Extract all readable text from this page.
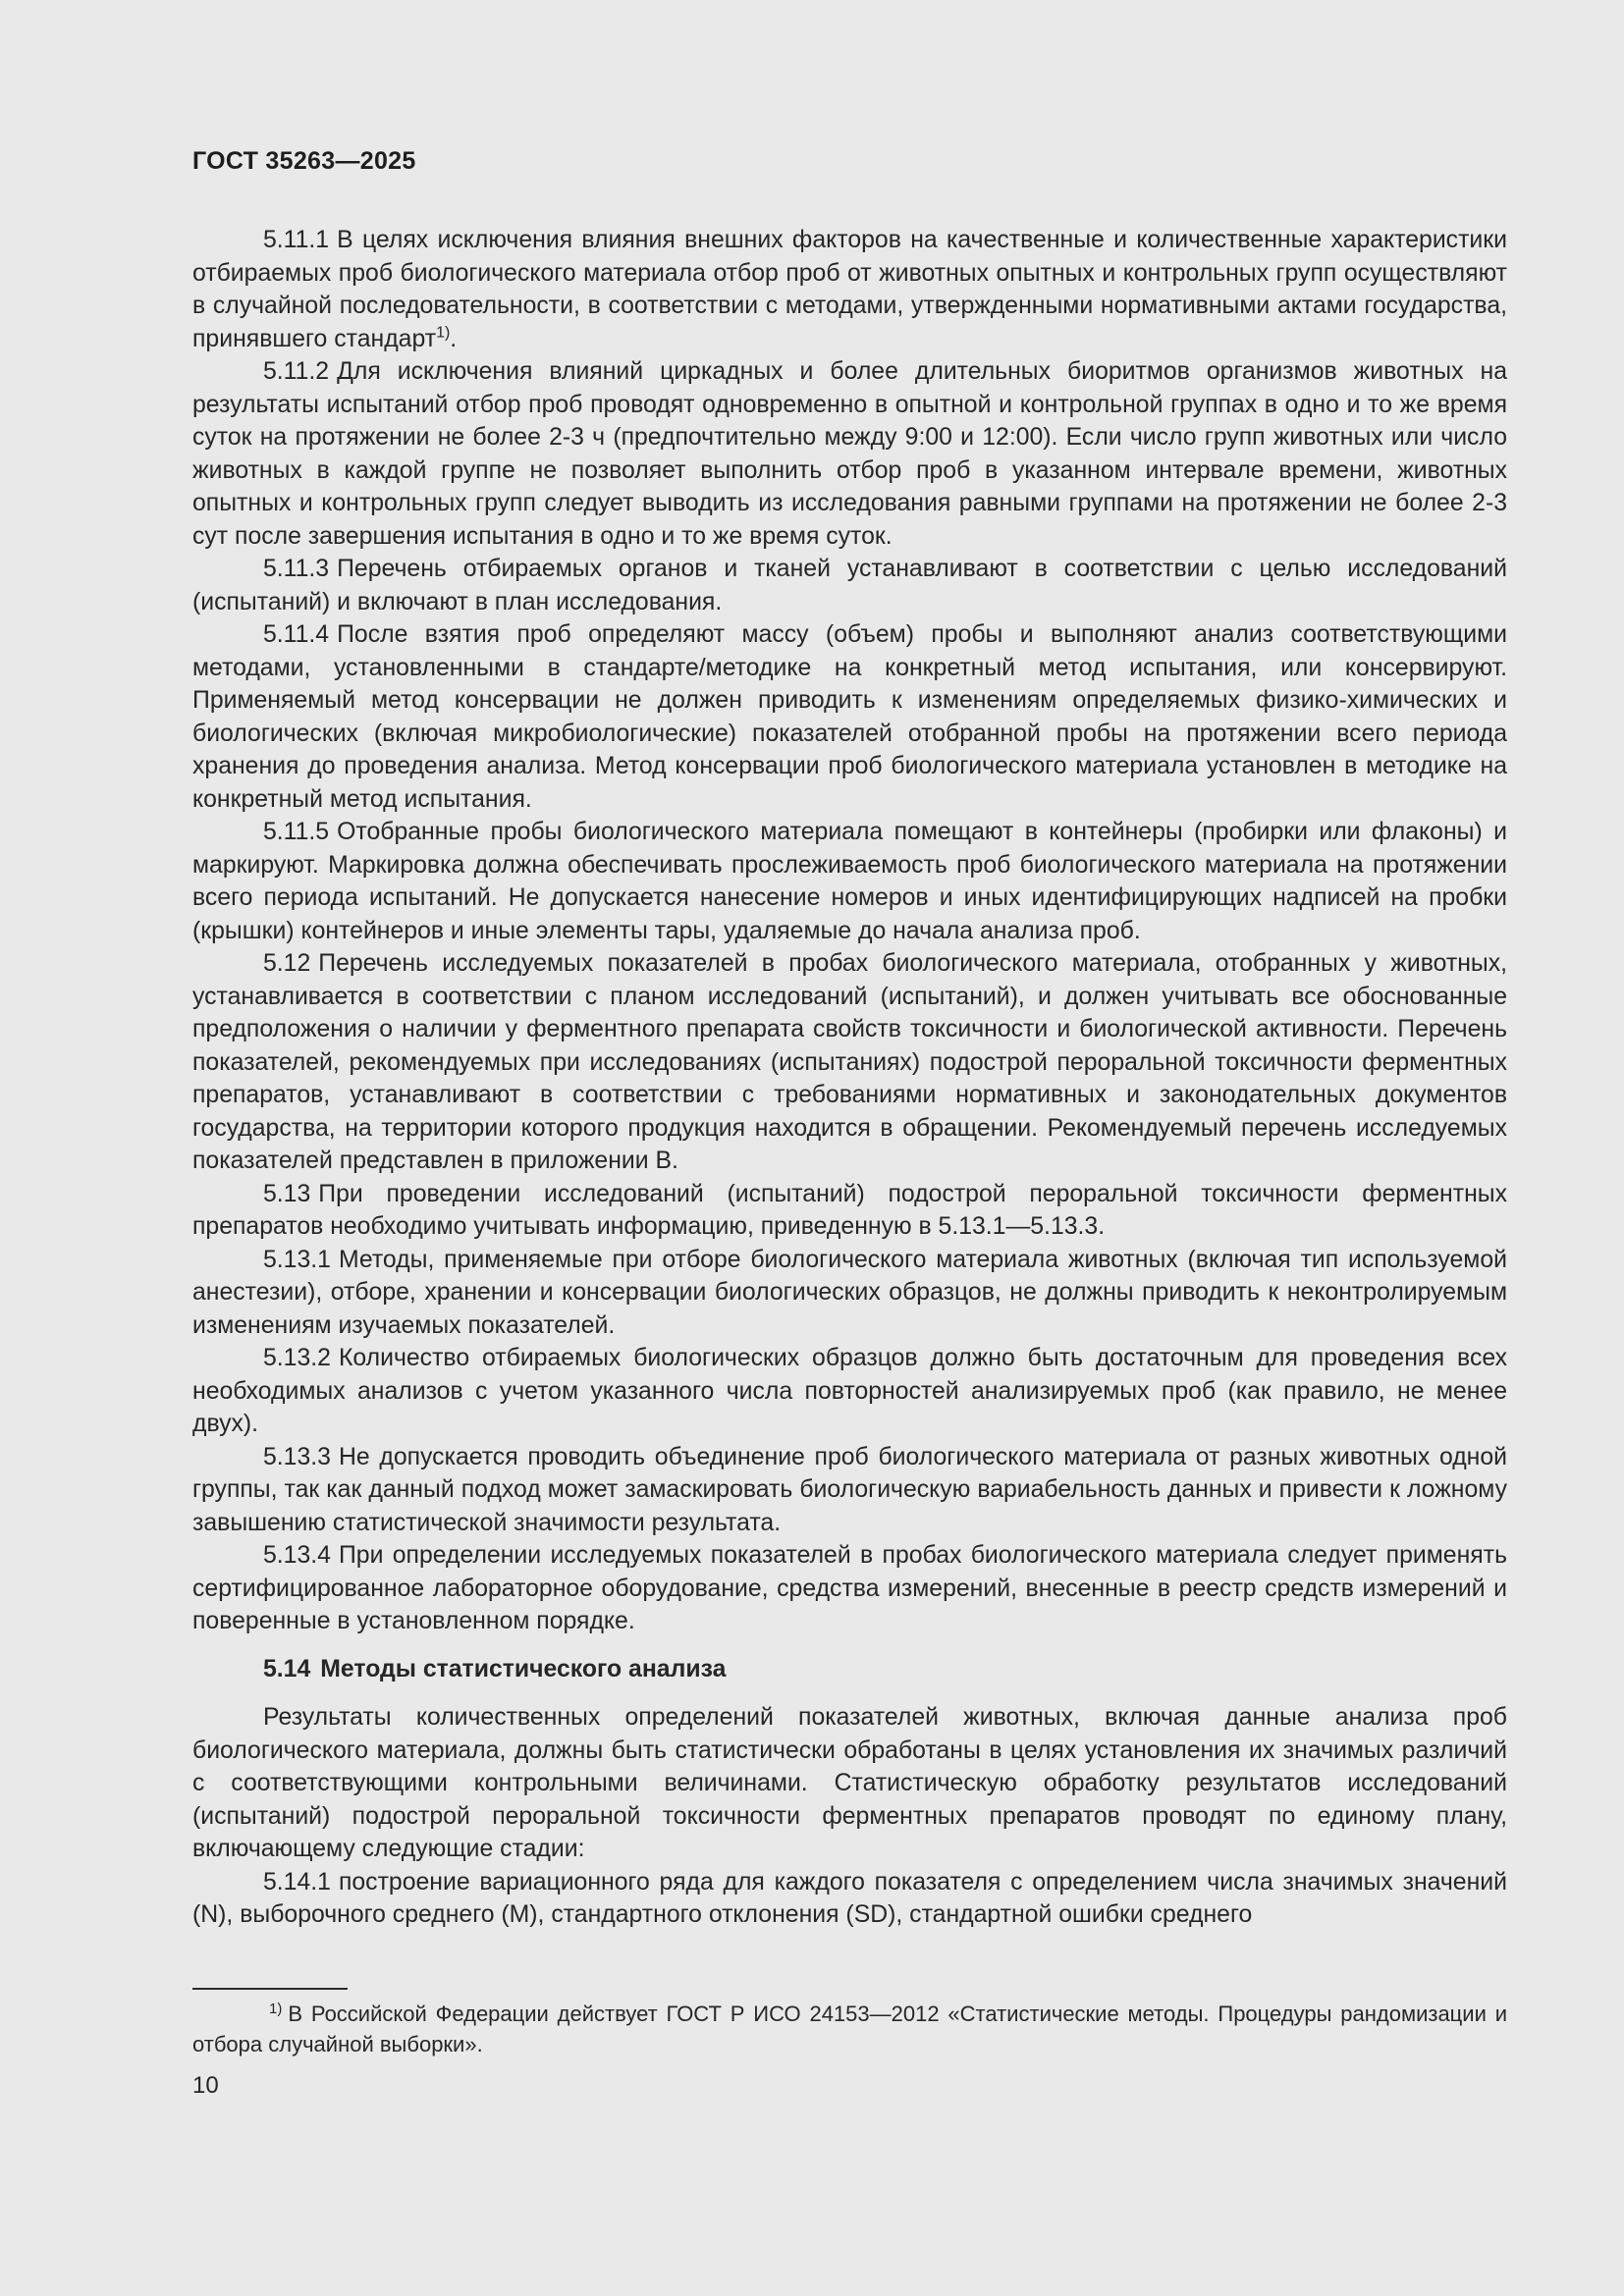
ГОСТ 35263—2025

5.11.1 В целях исключения влияния внешних факторов на качественные и количественные характеристики отбираемых проб биологического материала отбор проб от животных опытных и контрольных групп осуществляют в случайной последовательности, в соответствии с методами, утвержденными нормативными актами государства, принявшего стандарт$^{1)}$.

5.11.2 Для исключения влияний циркадных и более длительных биоритмов организмов животных на результаты испытаний отбор проб проводят одновременно в опытной и контрольной группах в одно и то же время суток на протяжении не более 2-3 ч (предпочтительно между 9:00 и 12:00). Если число групп животных или число животных в каждой группе не позволяет выполнить отбор проб в указанном интервале времени, животных опытных и контрольных групп следует выводить из исследования равными группами на протяжении не более 2-3 сут после завершения испытания в одно и то же время суток.

5.11.3 Перечень отбираемых органов и тканей устанавливают в соответствии с целью исследований (испытаний) и включают в план исследования.

5.11.4 После взятия проб определяют массу (объем) пробы и выполняют анализ соответствующими методами, установленными в стандарте/методике на конкретный метод испытания, или консервируют. Применяемый метод консервации не должен приводить к изменениям определяемых физико-химических и биологических (включая микробиологические) показателей отобранной пробы на протяжении всего периода хранения до проведения анализа. Метод консервации проб биологического материала установлен в методике на конкретный метод испытания.

5.11.5 Отобранные пробы биологического материала помещают в контейнеры (пробирки или флаконы) и маркируют. Маркировка должна обеспечивать прослеживаемость проб биологического материала на протяжении всего периода испытаний. Не допускается нанесение номеров и иных идентифицирующих надписей на пробки (крышки) контейнеров и иные элементы тары, удаляемые до начала анализа проб.

5.12 Перечень исследуемых показателей в пробах биологического материала, отобранных у животных, устанавливается в соответствии с планом исследований (испытаний), и должен учитывать все обоснованные предположения о наличии у ферментного препарата свойств токсичности и биологической активности. Перечень показателей, рекомендуемых при исследованиях (испытаниях) подострой пероральной токсичности ферментных препаратов, устанавливают в соответствии с требованиями нормативных и законодательных документов государства, на территории которого продукция находится в обращении. Рекомендуемый перечень исследуемых показателей представлен в приложении В.

5.13 При проведении исследований (испытаний) подострой пероральной токсичности ферментных препаратов необходимо учитывать информацию, приведенную в 5.13.1—5.13.3.

5.13.1 Методы, применяемые при отборе биологического материала животных (включая тип используемой анестезии), отборе, хранении и консервации биологических образцов, не должны приводить к неконтролируемым изменениям изучаемых показателей.

5.13.2 Количество отбираемых биологических образцов должно быть достаточным для проведения всех необходимых анализов с учетом указанного числа повторностей анализируемых проб (как правило, не менее двух).

5.13.3 Не допускается проводить объединение проб биологического материала от разных животных одной группы, так как данный подход может замаскировать биологическую вариабельность данных и привести к ложному завышению статистической значимости результата.

5.13.4 При определении исследуемых показателей в пробах биологического материала следует применять сертифицированное лабораторное оборудование, средства измерений, внесенные в реестр средств измерений и поверенные в установленном порядке.

5.14 Методы статистического анализа

Результаты количественных определений показателей животных, включая данные анализа проб биологического материала, должны быть статистически обработаны в целях установления их значимых различий с соответствующими контрольными величинами. Статистическую обработку результатов исследований (испытаний) подострой пероральной токсичности ферментных препаратов проводят по единому плану, включающему следующие стадии:

5.14.1 построение вариационного ряда для каждого показателя с определением числа значимых значений (N), выборочного среднего (M), стандартного отклонения (SD), стандартной ошибки среднего

$^{1)}$ В Российской Федерации действует ГОСТ Р ИСО 24153—2012 «Статистические методы. Процедуры рандомизации и отбора случайной выборки».

10
